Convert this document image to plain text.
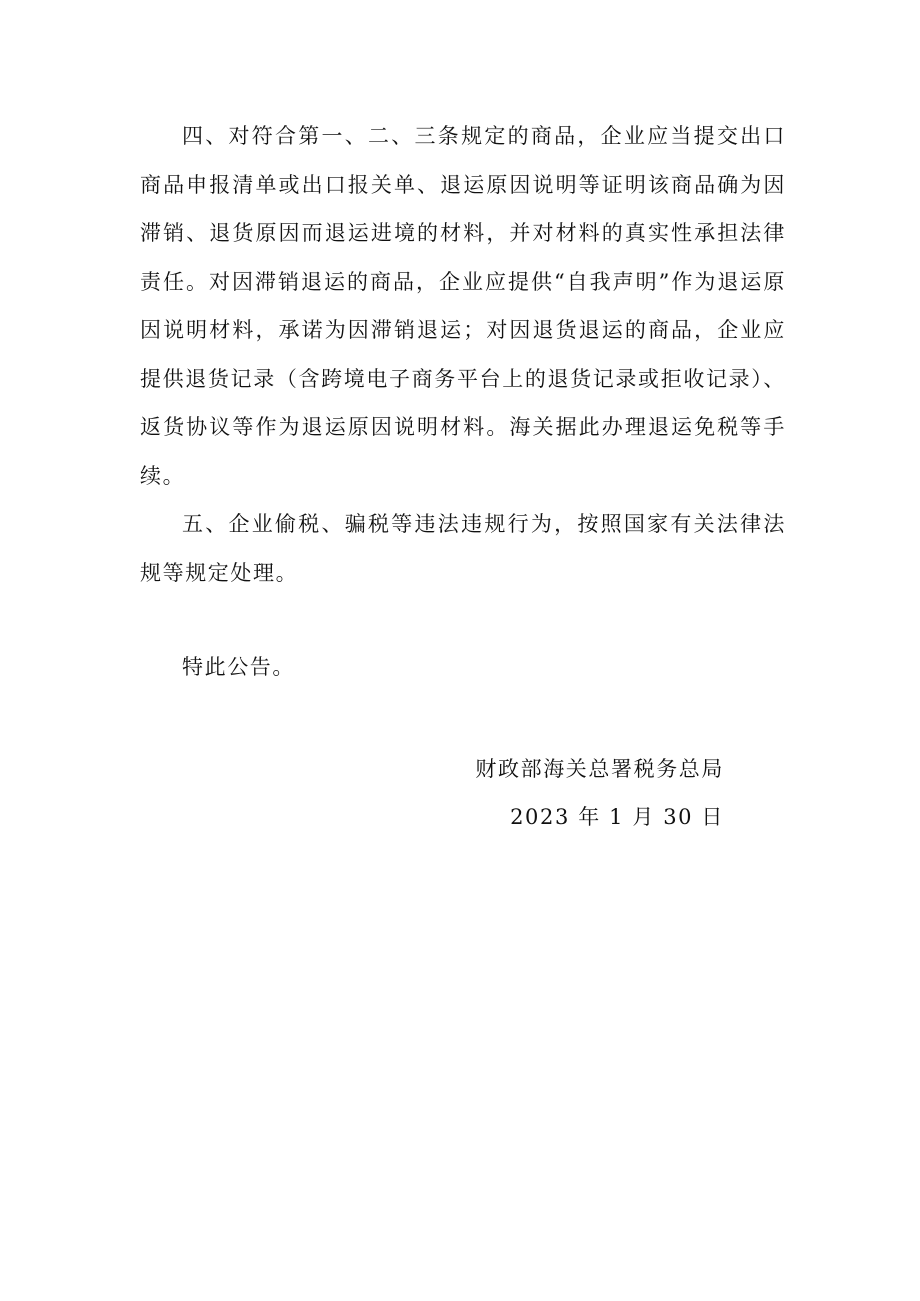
四、对符合第一、二、三条规定的商品，企业应当提交出口商品申报清单或出口报关单、退运原因说明等证明该商品确为因滞销、退货原因而退运进境的材料，并对材料的真实性承担法律责任。对因滞销退运的商品，企业应提供“自我声明”作为退运原因说明材料，承诺为因滞销退运；对因退货退运的商品，企业应提供退货记录（含跨境电子商务平台上的退货记录或拒收记录）、返货协议等作为退运原因说明材料。海关据此办理退运免税等手续。

五、企业偷税、骗税等违法违规行为，按照国家有关法律法规等规定处理。

特此公告。

财政部海关总署税务总局
2023 年 1 月 30 日
